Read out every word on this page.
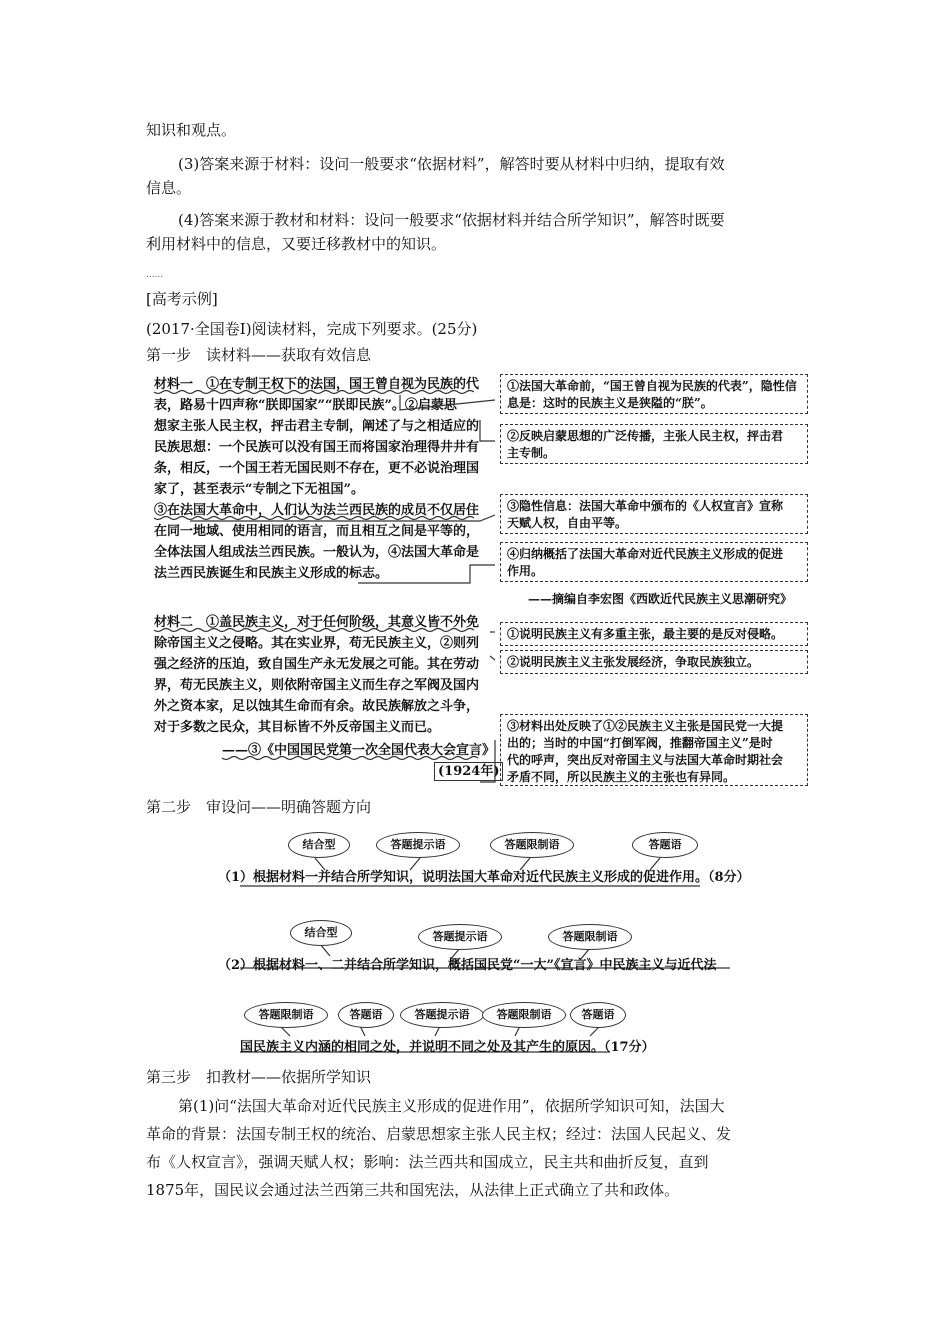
知识和观点。
(3)答案来源于材料：设问一般要求“依据材料”，解答时要从材料中归纳，提取有效
信息。
(4)答案来源于教材和材料：设问一般要求“依据材料并结合所学知识”，解答时既要
利用材料中的信息，又要迁移教材中的知识。
......
[高考示例]
(2017·全国卷Ⅰ)阅读材料，完成下列要求。(25分)
第一步　读材料——获取有效信息
材料一　①在专制王权下的法国，国王曾自视为民族的代
表，路易十四声称“朕即国家”“朕即民族”。②启蒙思
想家主张人民主权，抨击君主专制，阐述了与之相适应的
民族思想：一个民族可以没有国王而将国家治理得井井有
条，相反，一个国王若无国民则不存在，更不必说治理国
家了，甚至表示“专制之下无祖国”。
③在法国大革命中，人们认为法兰西民族的成员不仅居住
在同一地域、使用相同的语言，而且相互之间是平等的，
全体法国人组成法兰西民族。一般认为，④法国大革命是
法兰西民族诞生和民族主义形成的标志。
①法国大革命前，“国王曾自视为民族的代表”，隐性信
息是：这时的民族主义是狭隘的“朕”。
②反映启蒙思想的广泛传播，主张人民主权，抨击君
主专制。
③隐性信息：法国大革命中颁布的《人权宣言》宣称
天赋人权，自由平等。
④归纳概括了法国大革命对近代民族主义形成的促进
作用。
——摘编自李宏图《西欧近代民族主义思潮研究》
材料二　①盖民族主义，对于任何阶级，其意义皆不外免
除帝国主义之侵略。其在实业界，苟无民族主义，②则列
强之经济的压迫，致自国生产永无发展之可能。其在劳动
界，苟无民族主义，则依附帝国主义而生存之军阀及国内
外之资本家，足以蚀其生命而有余。故民族解放之斗争，
对于多数之民众，其目标皆不外反帝国主义而已。
——③《中国国民党第一次全国代表大会宣言》
(1924年)
①说明民族主义有多重主张，最主要的是反对侵略。
②说明民族主义主张发展经济，争取民族独立。
③材料出处反映了①②民族主义主张是国民党一大提
出的；当时的中国“打倒军阀，推翻帝国主义”是时
代的呼声，突出反对帝国主义与法国大革命时期社会
矛盾不同，所以民族主义的主张也有异同。
第二步　审设问——明确答题方向
结合型	答题提示语	答题限制语	答题语
（1）根据材料一并结合所学知识，说明法国大革命对近代民族主义形成的促进作用。（8分）
结合型	答题提示语	答题限制语
（2）根据材料一、二并结合所学知识，概括国民党“一大”《宣言》中民族主义与近代法
答题限制语	答题语	答题提示语	答题限制语	答题语
国民族主义内涵的相同之处，并说明不同之处及其产生的原因。（17分）
第三步　扣教材——依据所学知识
第(1)问“法国大革命对近代民族主义形成的促进作用”，依据所学知识可知，法国大
革命的背景：法国专制王权的统治、启蒙思想家主张人民主权；经过：法国人民起义、发
布《人权宣言》，强调天赋人权；影响：法兰西共和国成立，民主共和曲折反复，直到
1875年，国民议会通过法兰西第三共和国宪法，从法律上正式确立了共和政体。
